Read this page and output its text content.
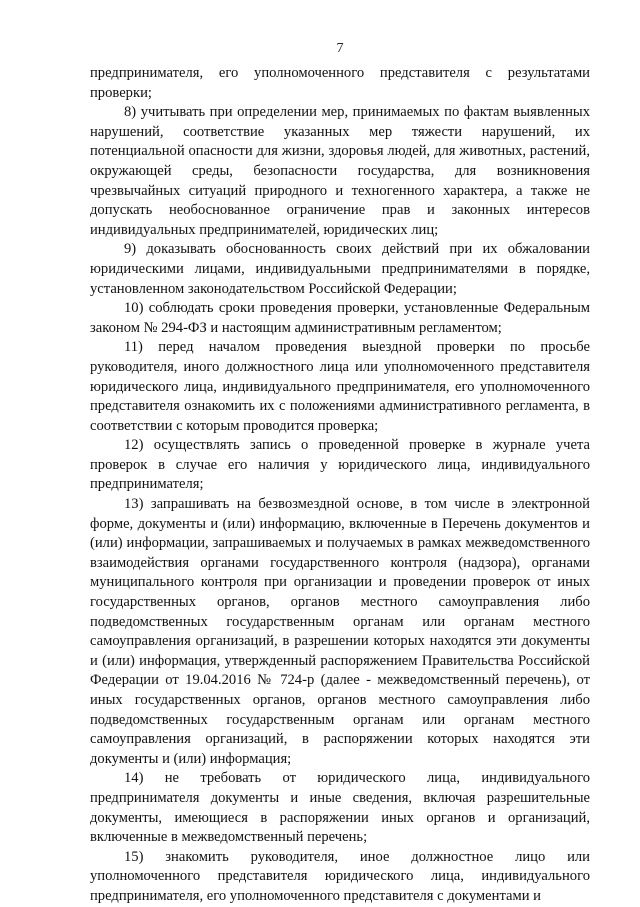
7

предпринимателя, его уполномоченного представителя с результатами проверки;

8) учитывать при определении мер, принимаемых по фактам выявленных нарушений, соответствие указанных мер тяжести нарушений, их потенциальной опасности для жизни, здоровья людей, для животных, растений, окружающей среды, безопасности государства, для возникновения чрезвычайных ситуаций природного и техногенного характера, а также не допускать необоснованное ограничение прав и законных интересов индивидуальных предпринимателей, юридических лиц;

9) доказывать обоснованность своих действий при их обжаловании юридическими лицами, индивидуальными предпринимателями в порядке, установленном законодательством Российской Федерации;

10) соблюдать сроки проведения проверки, установленные Федеральным законом № 294-ФЗ и настоящим административным регламентом;

11) перед началом проведения выездной проверки по просьбе руководителя, иного должностного лица или уполномоченного представителя юридического лица, индивидуального предпринимателя, его уполномоченного представителя ознакомить их с положениями административного регламента, в соответствии с которым проводится проверка;

12) осуществлять запись о проведенной проверке в журнале учета проверок в случае его наличия у юридического лица, индивидуального предпринимателя;

13) запрашивать на безвозмездной основе, в том числе в электронной форме, документы и (или) информацию, включенные в Перечень документов и (или) информации, запрашиваемых и получаемых в рамках межведомственного взаимодействия органами государственного контроля (надзора), органами муниципального контроля при организации и проведении проверок от иных государственных органов, органов местного самоуправления либо подведомственных государственным органам или органам местного самоуправления организаций, в разрешении которых находятся эти документы и (или) информация, утвержденный распоряжением Правительства Российской Федерации от 19.04.2016 № 724-р (далее - межведомственный перечень), от иных государственных органов, органов местного самоуправления либо подведомственных государственным органам или органам местного самоуправления организаций, в распоряжении которых находятся эти документы и (или) информация;

14) не требовать от юридического лица, индивидуального предпринимателя документы и иные сведения, включая разрешительные документы, имеющиеся в распоряжении иных органов и организаций, включенные в межведомственный перечень;

15) знакомить руководителя, иное должностное лицо или уполномоченного представителя юридического лица, индивидуального предпринимателя, его уполномоченного представителя с документами и
